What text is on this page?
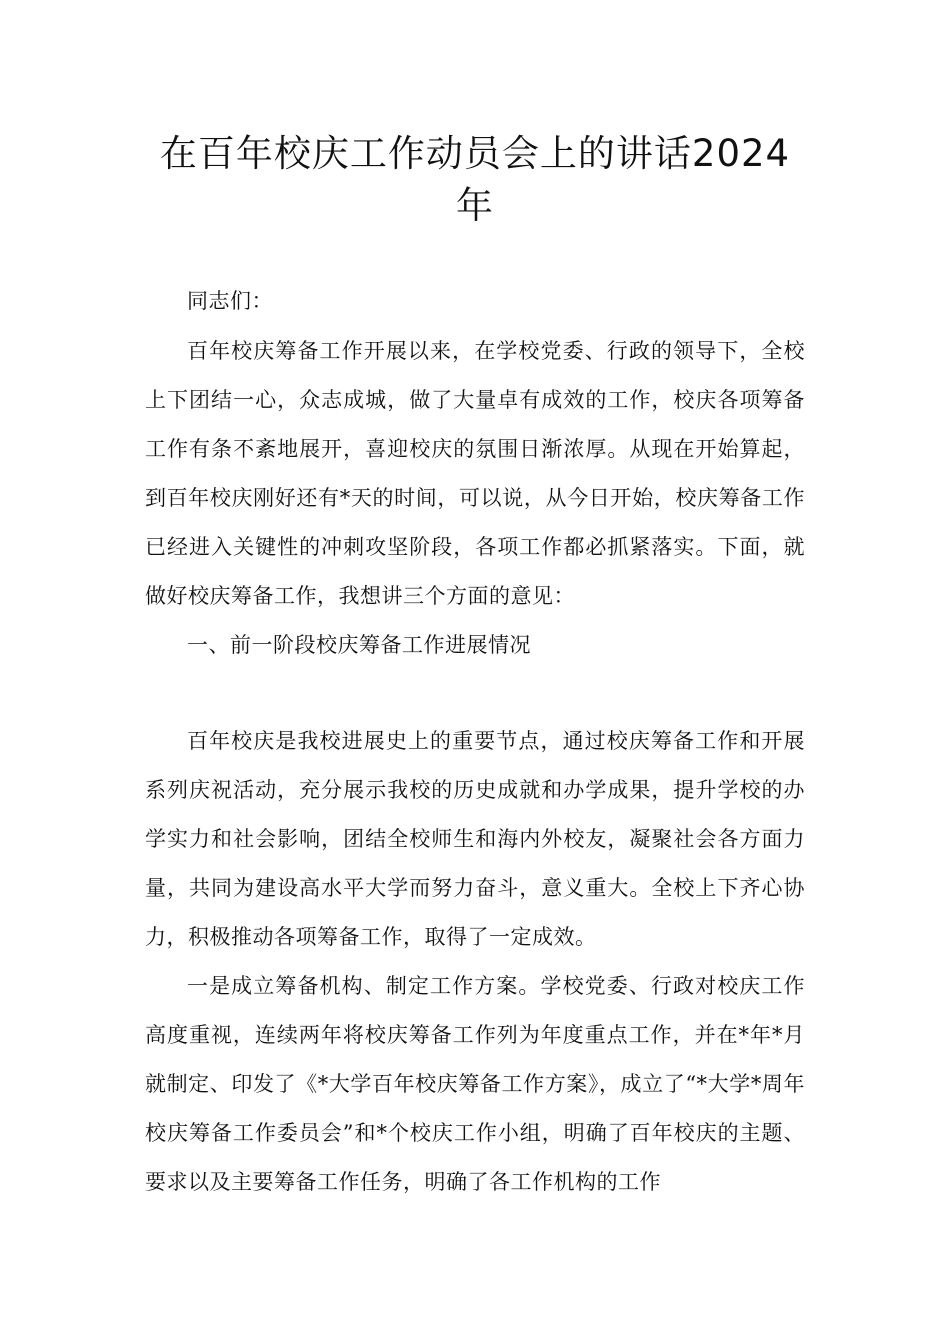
在百年校庆工作动员会上的讲话2024
年

同志们：

百年校庆筹备工作开展以来，在学校党委、行政的领导下，全校上下团结一心，众志成城，做了大量卓有成效的工作，校庆各项筹备工作有条不紊地展开，喜迎校庆的氛围日渐浓厚。从现在开始算起，到百年校庆刚好还有*天的时间，可以说，从今日开始，校庆筹备工作已经进入关键性的冲刺攻坚阶段，各项工作都必抓紧落实。下面，就做好校庆筹备工作，我想讲三个方面的意见：

一、前一阶段校庆筹备工作进展情况

百年校庆是我校进展史上的重要节点，通过校庆筹备工作和开展系列庆祝活动，充分展示我校的历史成就和办学成果，提升学校的办学实力和社会影响，团结全校师生和海内外校友，凝聚社会各方面力量，共同为建设高水平大学而努力奋斗，意义重大。全校上下齐心协力，积极推动各项筹备工作，取得了一定成效。

一是成立筹备机构、制定工作方案。学校党委、行政对校庆工作高度重视，连续两年将校庆筹备工作列为年度重点工作，并在*年*月就制定、印发了《*大学百年校庆筹备工作方案》，成立了“*大学*周年校庆筹备工作委员会”和*个校庆工作小组，明确了百年校庆的主题、要求以及主要筹备工作任务，明确了各工作机构的工作
